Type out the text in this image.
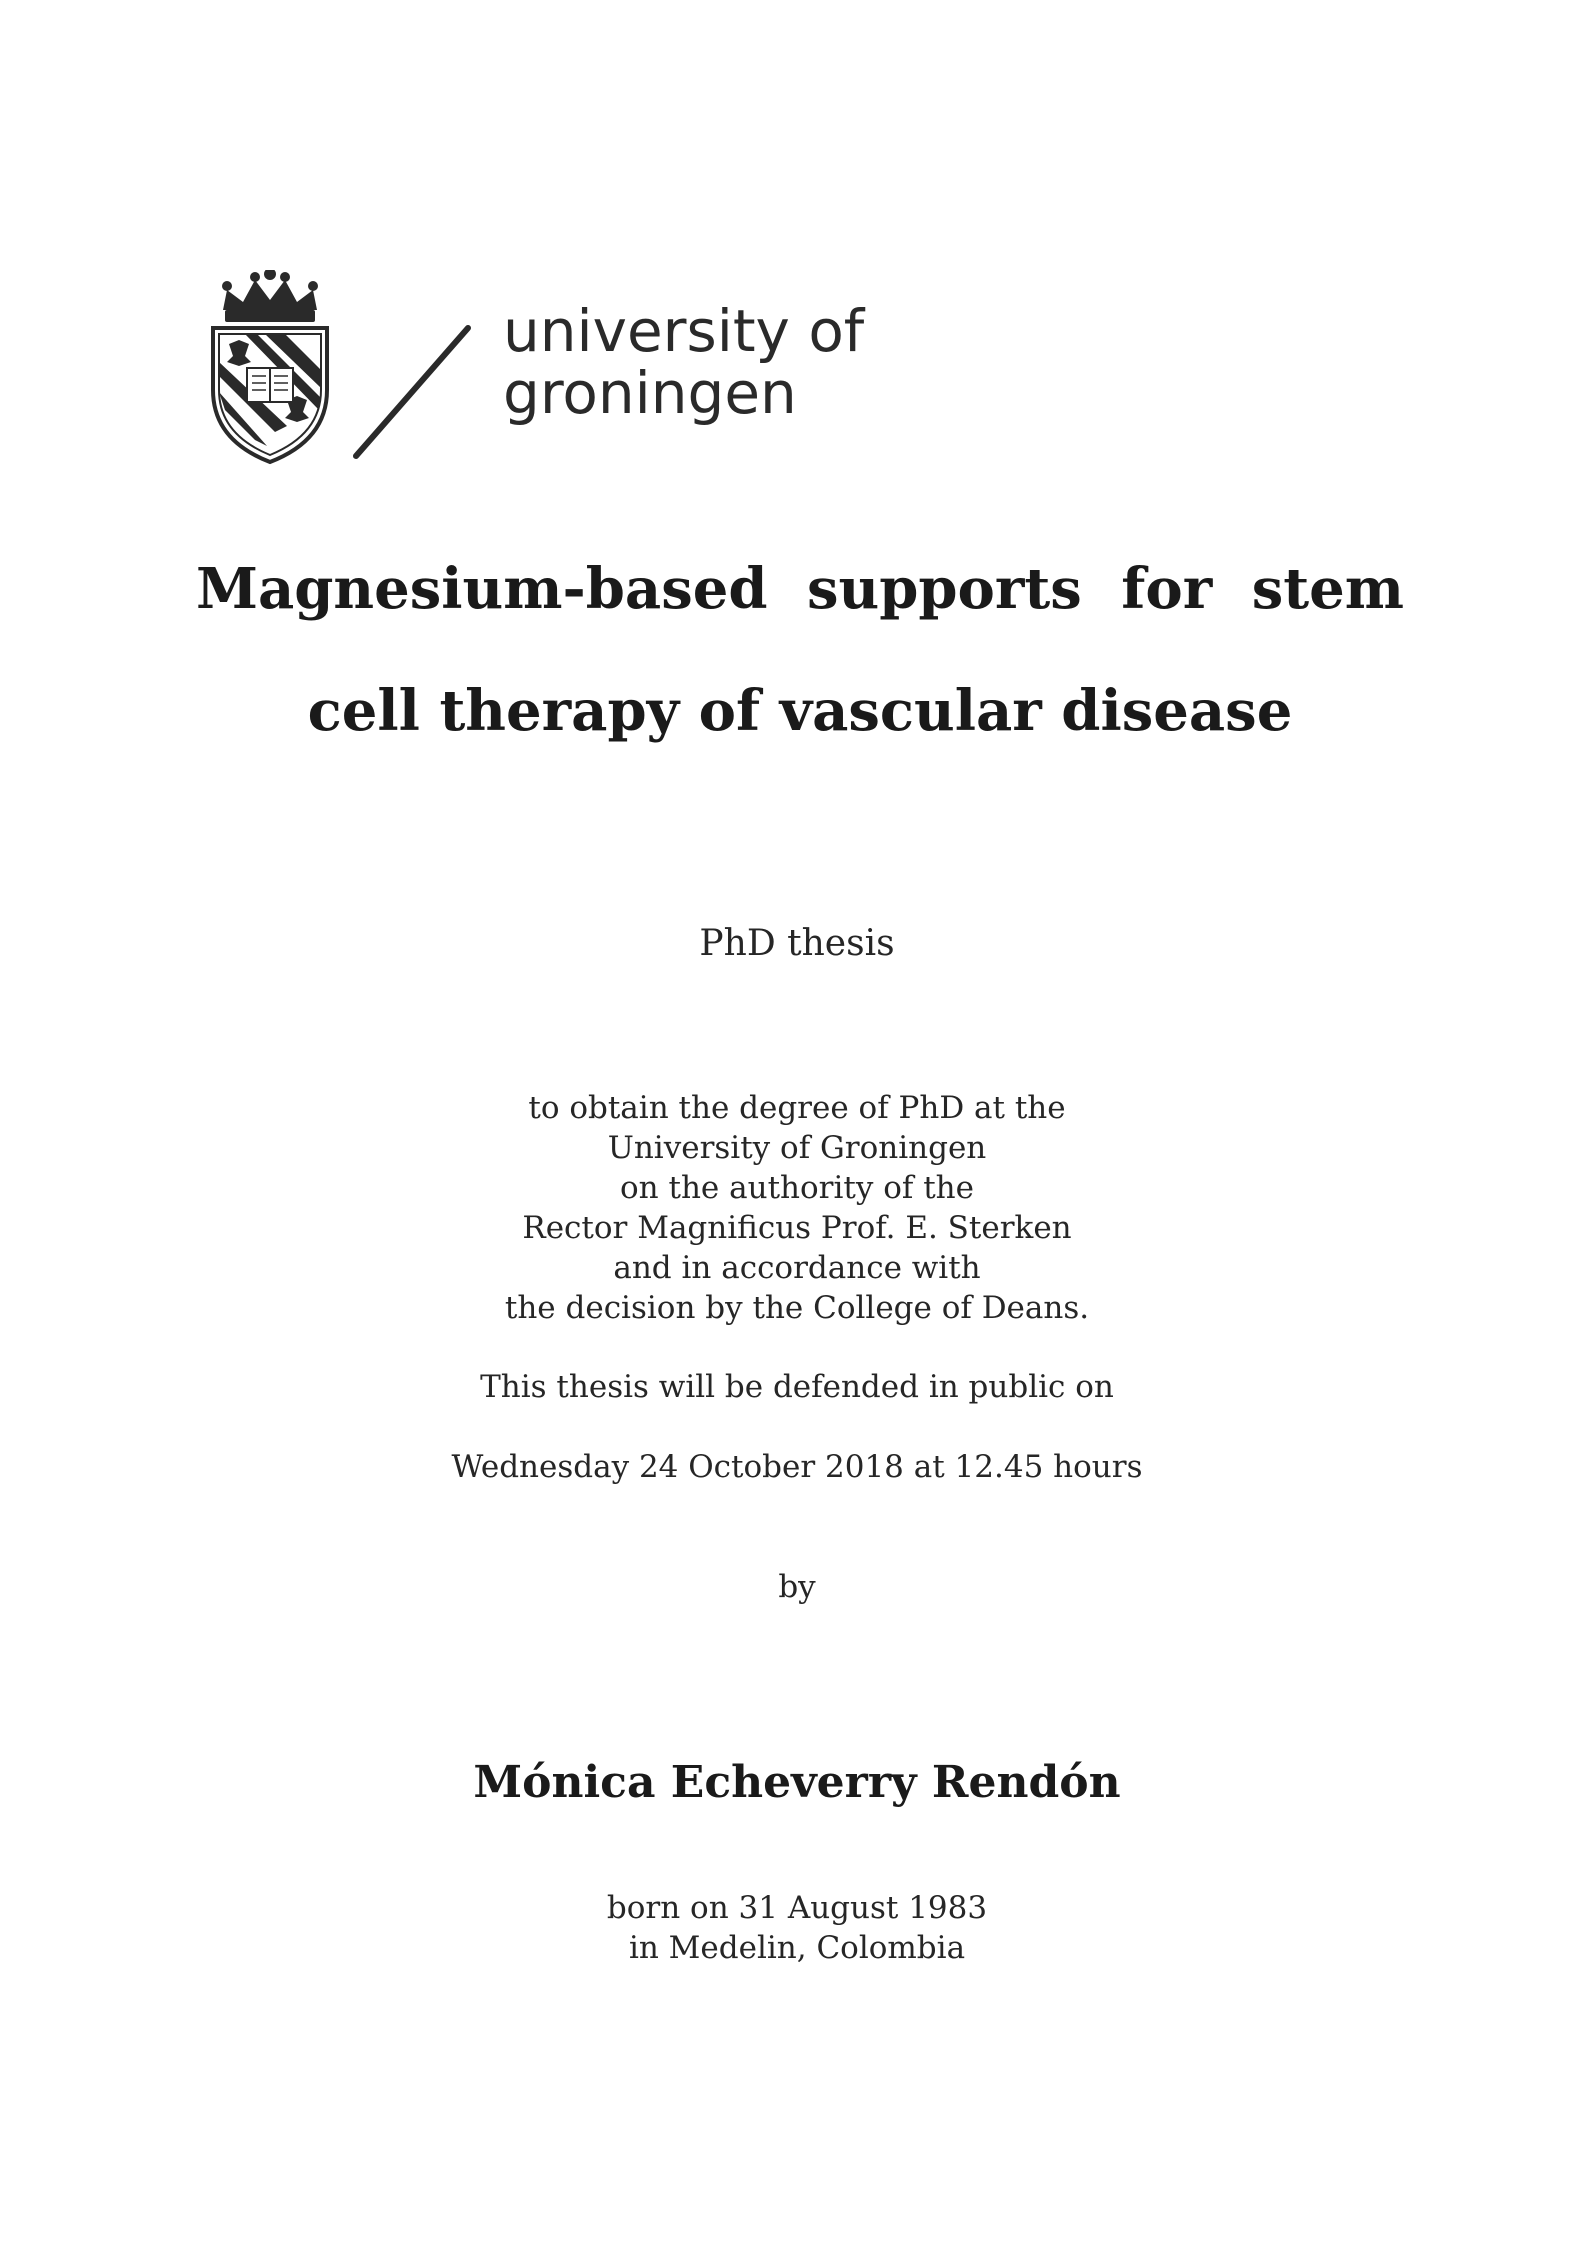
university of
groningen
Magnesium-based supports for stem
cell therapy of vascular disease
PhD thesis
to obtain the degree of PhD at the
University of Groningen
on the authority of the
Rector Magnificus Prof. E. Sterken
and in accordance with
the decision by the College of Deans.
This thesis will be defended in public on
Wednesday 24 October 2018 at 12.45 hours
by
Mónica Echeverry Rendón
born on 31 August 1983
in Medelin, Colombia
